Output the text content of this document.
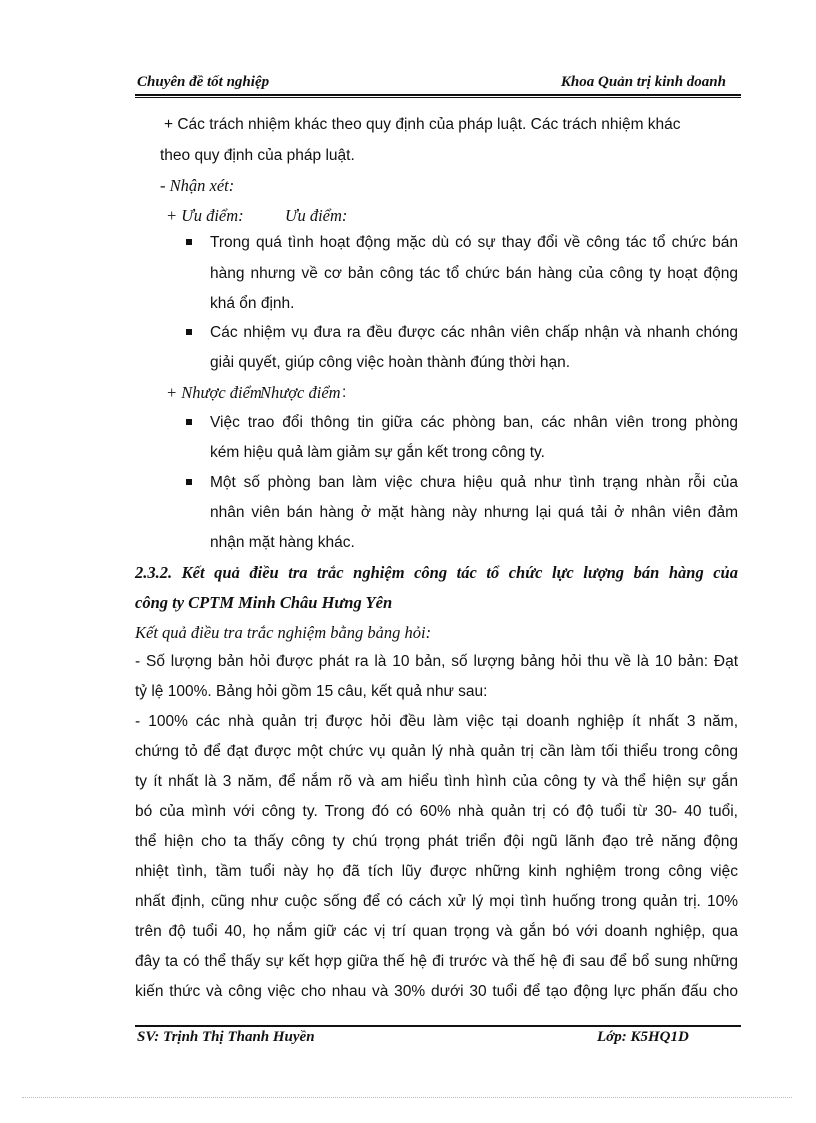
Chuyên đề tốt nghiệp	Khoa Quản trị kinh doanh
+ Các trách nhiệm khác theo quy định của pháp luật. Các trách nhiệm khác
theo quy định của pháp luật.
- Nhận xét:
+ Ưu điểm:	Ưu điểm:
Trong quá tình hoạt động mặc dù có sự thay đổi về công tác tổ chức bán
hàng nhưng về cơ bản công tác tổ chức bán hàng của công ty hoạt động
khá ổn định.
Các nhiệm vụ đưa ra đều được các nhân viên chấp nhận và nhanh chóng
giải quyết, giúp công việc hoàn thành đúng thời hạn.
+ Nhược điểm
Nhược điểm :
Việc trao đổi thông tin giữa các phòng ban, các nhân viên trong phòng
kém hiệu quả làm giảm sự gắn kết trong công ty.
Một số phòng ban làm việc chưa hiệu quả như tình trạng nhàn rỗi của
nhân viên bán hàng ở mặt hàng này nhưng lại quá tải ở nhân viên đảm
nhận mặt hàng khác.
2.3.2. Kết quả điều tra trắc nghiệm công tác tổ chức lực lượng bán hàng của
công ty CPTM Minh Châu Hưng Yên
Kết quả điều tra trắc nghiệm bằng bảng hỏi:
- Số lượng bản hỏi được phát ra là 10 bản, số lượng bảng hỏi thu về là 10 bản: Đạt
tỷ lệ 100%. Bảng hỏi gồm 15 câu, kết quả như sau:
- 100% các nhà quản trị được hỏi đều làm việc tại doanh nghiệp ít nhất 3 năm,
chứng tỏ để đạt được một chức vụ quản lý nhà quản trị cần làm tối thiểu trong công
ty ít nhất là 3 năm, để nắm rõ và am hiểu tình hình của công ty và thể hiện sự gắn
bó của mình với công ty. Trong đó có 60% nhà quản trị có độ tuổi từ 30- 40 tuổi,
thể hiện cho ta thấy công ty chú trọng phát triển đội ngũ lãnh đạo trẻ năng động
nhiệt tình, tầm tuổi này họ đã tích lũy được những kinh nghiệm trong công việc
nhất định, cũng như cuộc sống để có cách xử lý mọi tình huống trong quản trị. 10%
trên độ tuổi 40, họ nắm giữ các vị trí quan trọng và gắn bó với doanh nghiệp, qua
đây ta có thể thấy sự kết hợp giữa thế hệ đi trước và thế hệ đi sau để bổ sung những
kiến thức và công việc cho nhau và 30% dưới 30 tuổi để tạo động lực phấn đấu cho
SV: Trịnh Thị Thanh Huyền	Lớp: K5HQ1D
